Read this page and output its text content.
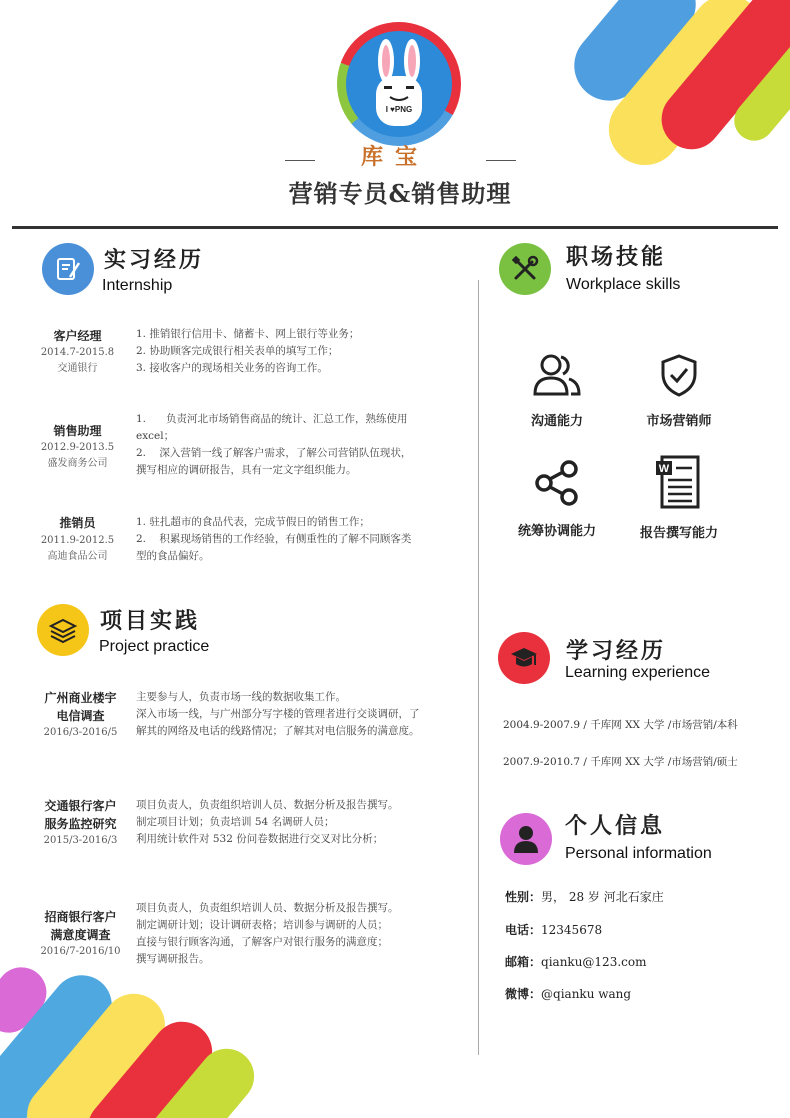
I ♥PNG
库宝
营销专员&销售助理
实习经历
Internship
客户经理
2014.7-2015.8
交通银行
1. 推销银行信用卡、储蓄卡、网上银行等业务；
2. 协助顾客完成银行相关表单的填写工作；
3. 接收客户的现场相关业务的咨询工作。
销售助理
2012.9-2013.5
盛发商务公司
1.      负责河北市场销售商品的统计、汇总工作，熟练使用
excel；
2.    深入营销一线了解客户需求，了解公司营销队伍现状，
撰写相应的调研报告，具有一定文字组织能力。
推销员
2011.9-2012.5
高迪食品公司
1. 驻扎超市的食品代表，完成节假日的销售工作；
2.    积累现场销售的工作经验，有侧重性的了解不同顾客类
型的食品偏好。
项目实践
Project practice
广州商业楼宇
电信调查
2016/3-2016/5
主要参与人，负责市场一线的数据收集工作。
深入市场一线，与广州部分写字楼的管理者进行交谈调研，了
解其的网络及电话的线路情况；了解其对电信服务的满意度。
交通银行客户
服务监控研究
2015/3-2016/3
项目负责人，负责组织培训人员、数据分析及报告撰写。
制定项目计划；负责培训 54 名调研人员；
利用统计软件对 532 份问卷数据进行交叉对比分析；
招商银行客户
满意度调查
2016/7-2016/10
项目负责人，负责组织培训人员、数据分析及报告撰写。
制定调研计划；设计调研表格；培训参与调研的人员；
直接与银行顾客沟通，了解客户对银行服务的满意度；
撰写调研报告。
职场技能
Workplace skills
沟通能力	市场营销师
统筹协调能力
W
报告撰写能力
学习经历
Learning experience
2004.9-2007.9 / 千库网 XX 大学 /市场营销/本科
2007.9-2010.7 / 千库网 XX 大学 /市场营销/硕士
个人信息
Personal information
性别：男， 28 岁 河北石家庄
电话：12345678
邮箱：qianku@123.com
微博：@qianku wang
